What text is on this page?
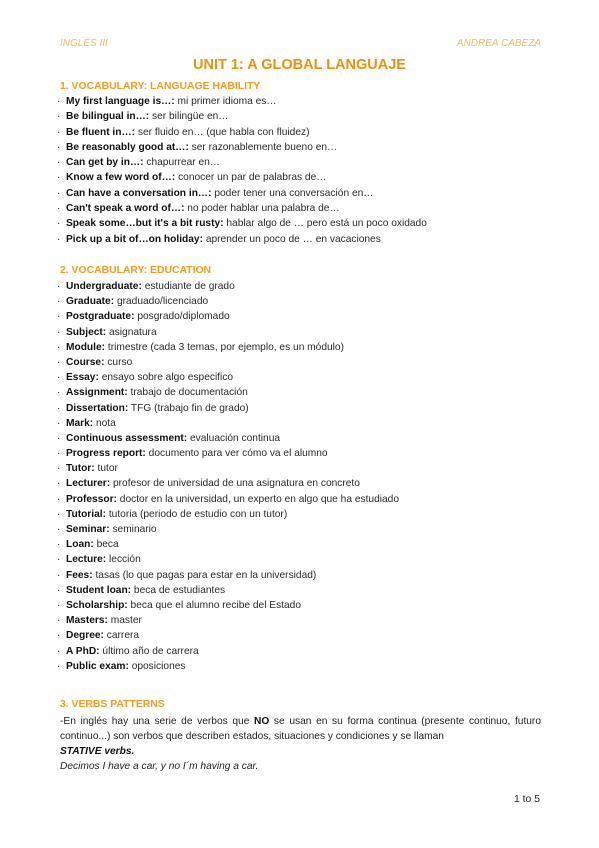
INGLÉS III	ANDREA CABEZA
UNIT 1: A GLOBAL LANGUAJE
1. VOCABULARY: LANGUAGE HABILITY
· My first language is…: mi primer idioma es…
· Be bilingual in…: ser bilingüe en…
· Be fluent in…: ser fluido en… (que habla con fluidez)
· Be reasonably good at…: ser razonablemente bueno en…
· Can get by in…: chapurrear en…
· Know a few word of…: conocer un par de palabras de…
· Can have a conversation in…: poder tener una conversación en…
· Can't speak a word of…: no poder hablar una palabra de…
· Speak some…but it's a bit rusty: hablar algo de … pero está un poco oxidado
· Pick up a bit of…on holiday: aprender un poco de … en vacaciones
2. VOCABULARY: EDUCATION
· Undergraduate: estudiante de grado
· Graduate: graduado/licenciado
· Postgraduate: posgrado/diplomado
· Subject: asignatura
· Module: trimestre (cada 3 temas, por ejemplo, es un módulo)
· Course: curso
· Essay: ensayo sobre algo especifico
· Assignment: trabajo de documentación
· Dissertation: TFG (trabajo fin de grado)
· Mark: nota
· Continuous assessment: evaluación continua
· Progress report: documento para ver cómo va el alumno
· Tutor: tutor
· Lecturer: profesor de universidad de una asignatura en concreto
· Professor: doctor en la universidad, un experto en algo que ha estudiado
· Tutorial: tutoria (periodo de estudio con un tutor)
· Seminar: seminario
· Loan: beca
· Lecture: lección
· Fees: tasas (lo que pagas para estar en la universidad)
· Student loan: beca de estudiantes
· Scholarship: beca que el alumno recibe del Estado
· Masters: master
· Degree: carrera
· A PhD: último año de carrera
· Public exam: oposiciones
3. VERBS PATTERNS
-En inglés hay una serie de verbos que NO se usan en su forma continua (presente continuo, futuro continuo...) son verbos que describen estados, situaciones y condiciones y se llaman
STATIVE verbs.
Decimos I have a car, y no I´m having a car.
1 to 5
